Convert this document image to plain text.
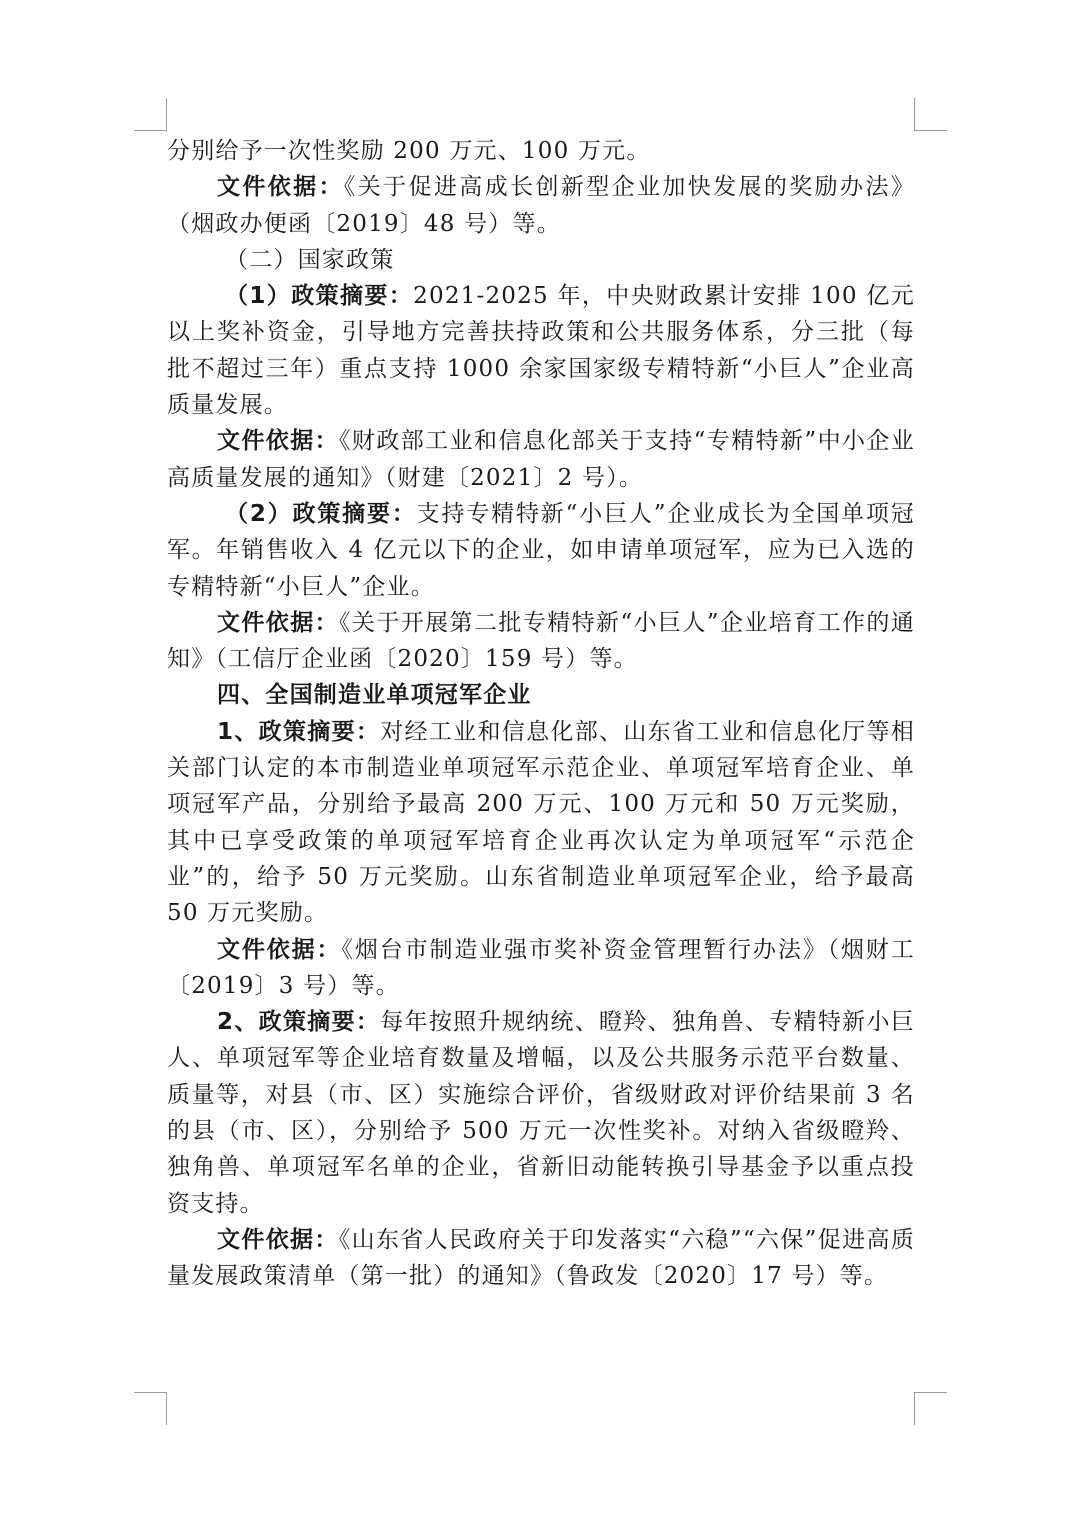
分别给予一次性奖励 200 万元、100 万元。

文件依据：《关于促进高成长创新型企业加快发展的奖励办法》（烟政办便函〔2019〕48 号）等。

（二）国家政策

（1）政策摘要：2021-2025 年，中央财政累计安排 100 亿元以上奖补资金，引导地方完善扶持政策和公共服务体系，分三批（每批不超过三年）重点支持 1000 余家国家级专精特新“小巨人”企业高质量发展。

文件依据：《财政部工业和信息化部关于支持“专精特新”中小企业高质量发展的通知》（财建〔2021〕2 号）。

（2）政策摘要：支持专精特新“小巨人”企业成长为全国单项冠军。年销售收入 4 亿元以下的企业，如申请单项冠军，应为已入选的专精特新“小巨人”企业。

文件依据：《关于开展第二批专精特新“小巨人”企业培育工作的通知》（工信厅企业函〔2020〕159 号）等。

四、全国制造业单项冠军企业

1、政策摘要：对经工业和信息化部、山东省工业和信息化厅等相关部门认定的本市制造业单项冠军示范企业、单项冠军培育企业、单项冠军产品，分别给予最高 200 万元、100 万元和 50 万元奖励，其中已享受政策的单项冠军培育企业再次认定为单项冠军“示范企业”的，给予 50 万元奖励。山东省制造业单项冠军企业，给予最高 50 万元奖励。

文件依据：《烟台市制造业强市奖补资金管理暂行办法》（烟财工〔2019〕3 号）等。

2、政策摘要：每年按照升规纳统、瞪羚、独角兽、专精特新小巨人、单项冠军等企业培育数量及增幅，以及公共服务示范平台数量、质量等，对县（市、区）实施综合评价，省级财政对评价结果前 3 名的县（市、区），分别给予 500 万元一次性奖补。对纳入省级瞪羚、独角兽、单项冠军名单的企业，省新旧动能转换引导基金予以重点投资支持。

文件依据：《山东省人民政府关于印发落实“六稳”“六保”促进高质量发展政策清单（第一批）的通知》（鲁政发〔2020〕17 号）等。
